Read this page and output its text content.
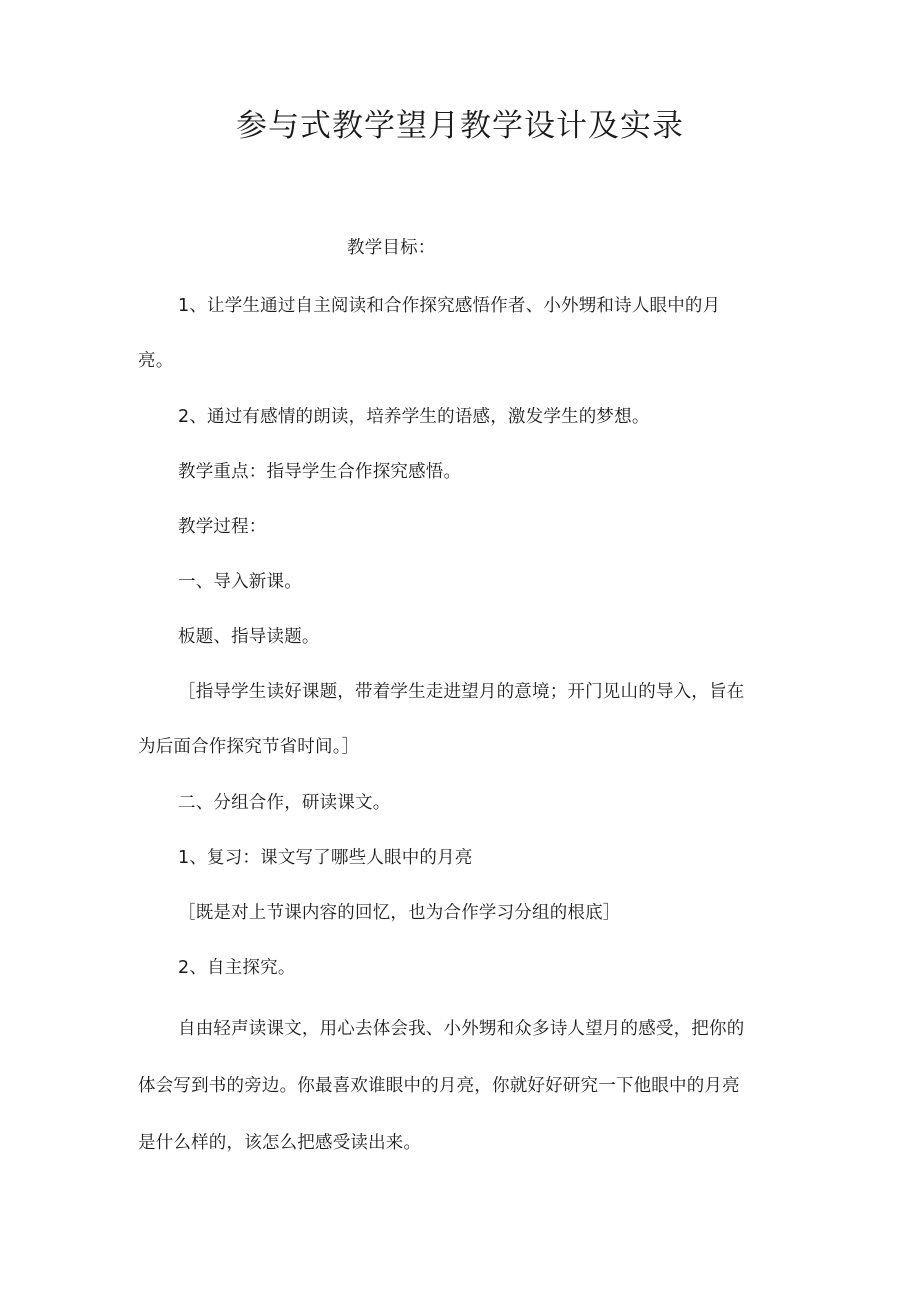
参与式教学望月教学设计及实录
教学目标：
1、让学生通过自主阅读和合作探究感悟作者、小外甥和诗人眼中的月
亮。
2、通过有感情的朗读，培养学生的语感，激发学生的梦想。
教学重点：指导学生合作探究感悟。
教学过程：
一、导入新课。
板题、指导读题。
［指导学生读好课题，带着学生走进望月的意境；开门见山的导入，旨在
为后面合作探究节省时间。］
二、分组合作，研读课文。
1、复习：课文写了哪些人眼中的月亮
［既是对上节课内容的回忆，也为合作学习分组的根底］
2、自主探究。
自由轻声读课文，用心去体会我、小外甥和众多诗人望月的感受，把你的
体会写到书的旁边。你最喜欢谁眼中的月亮，你就好好研究一下他眼中的月亮
是什么样的，该怎么把感受读出来。
